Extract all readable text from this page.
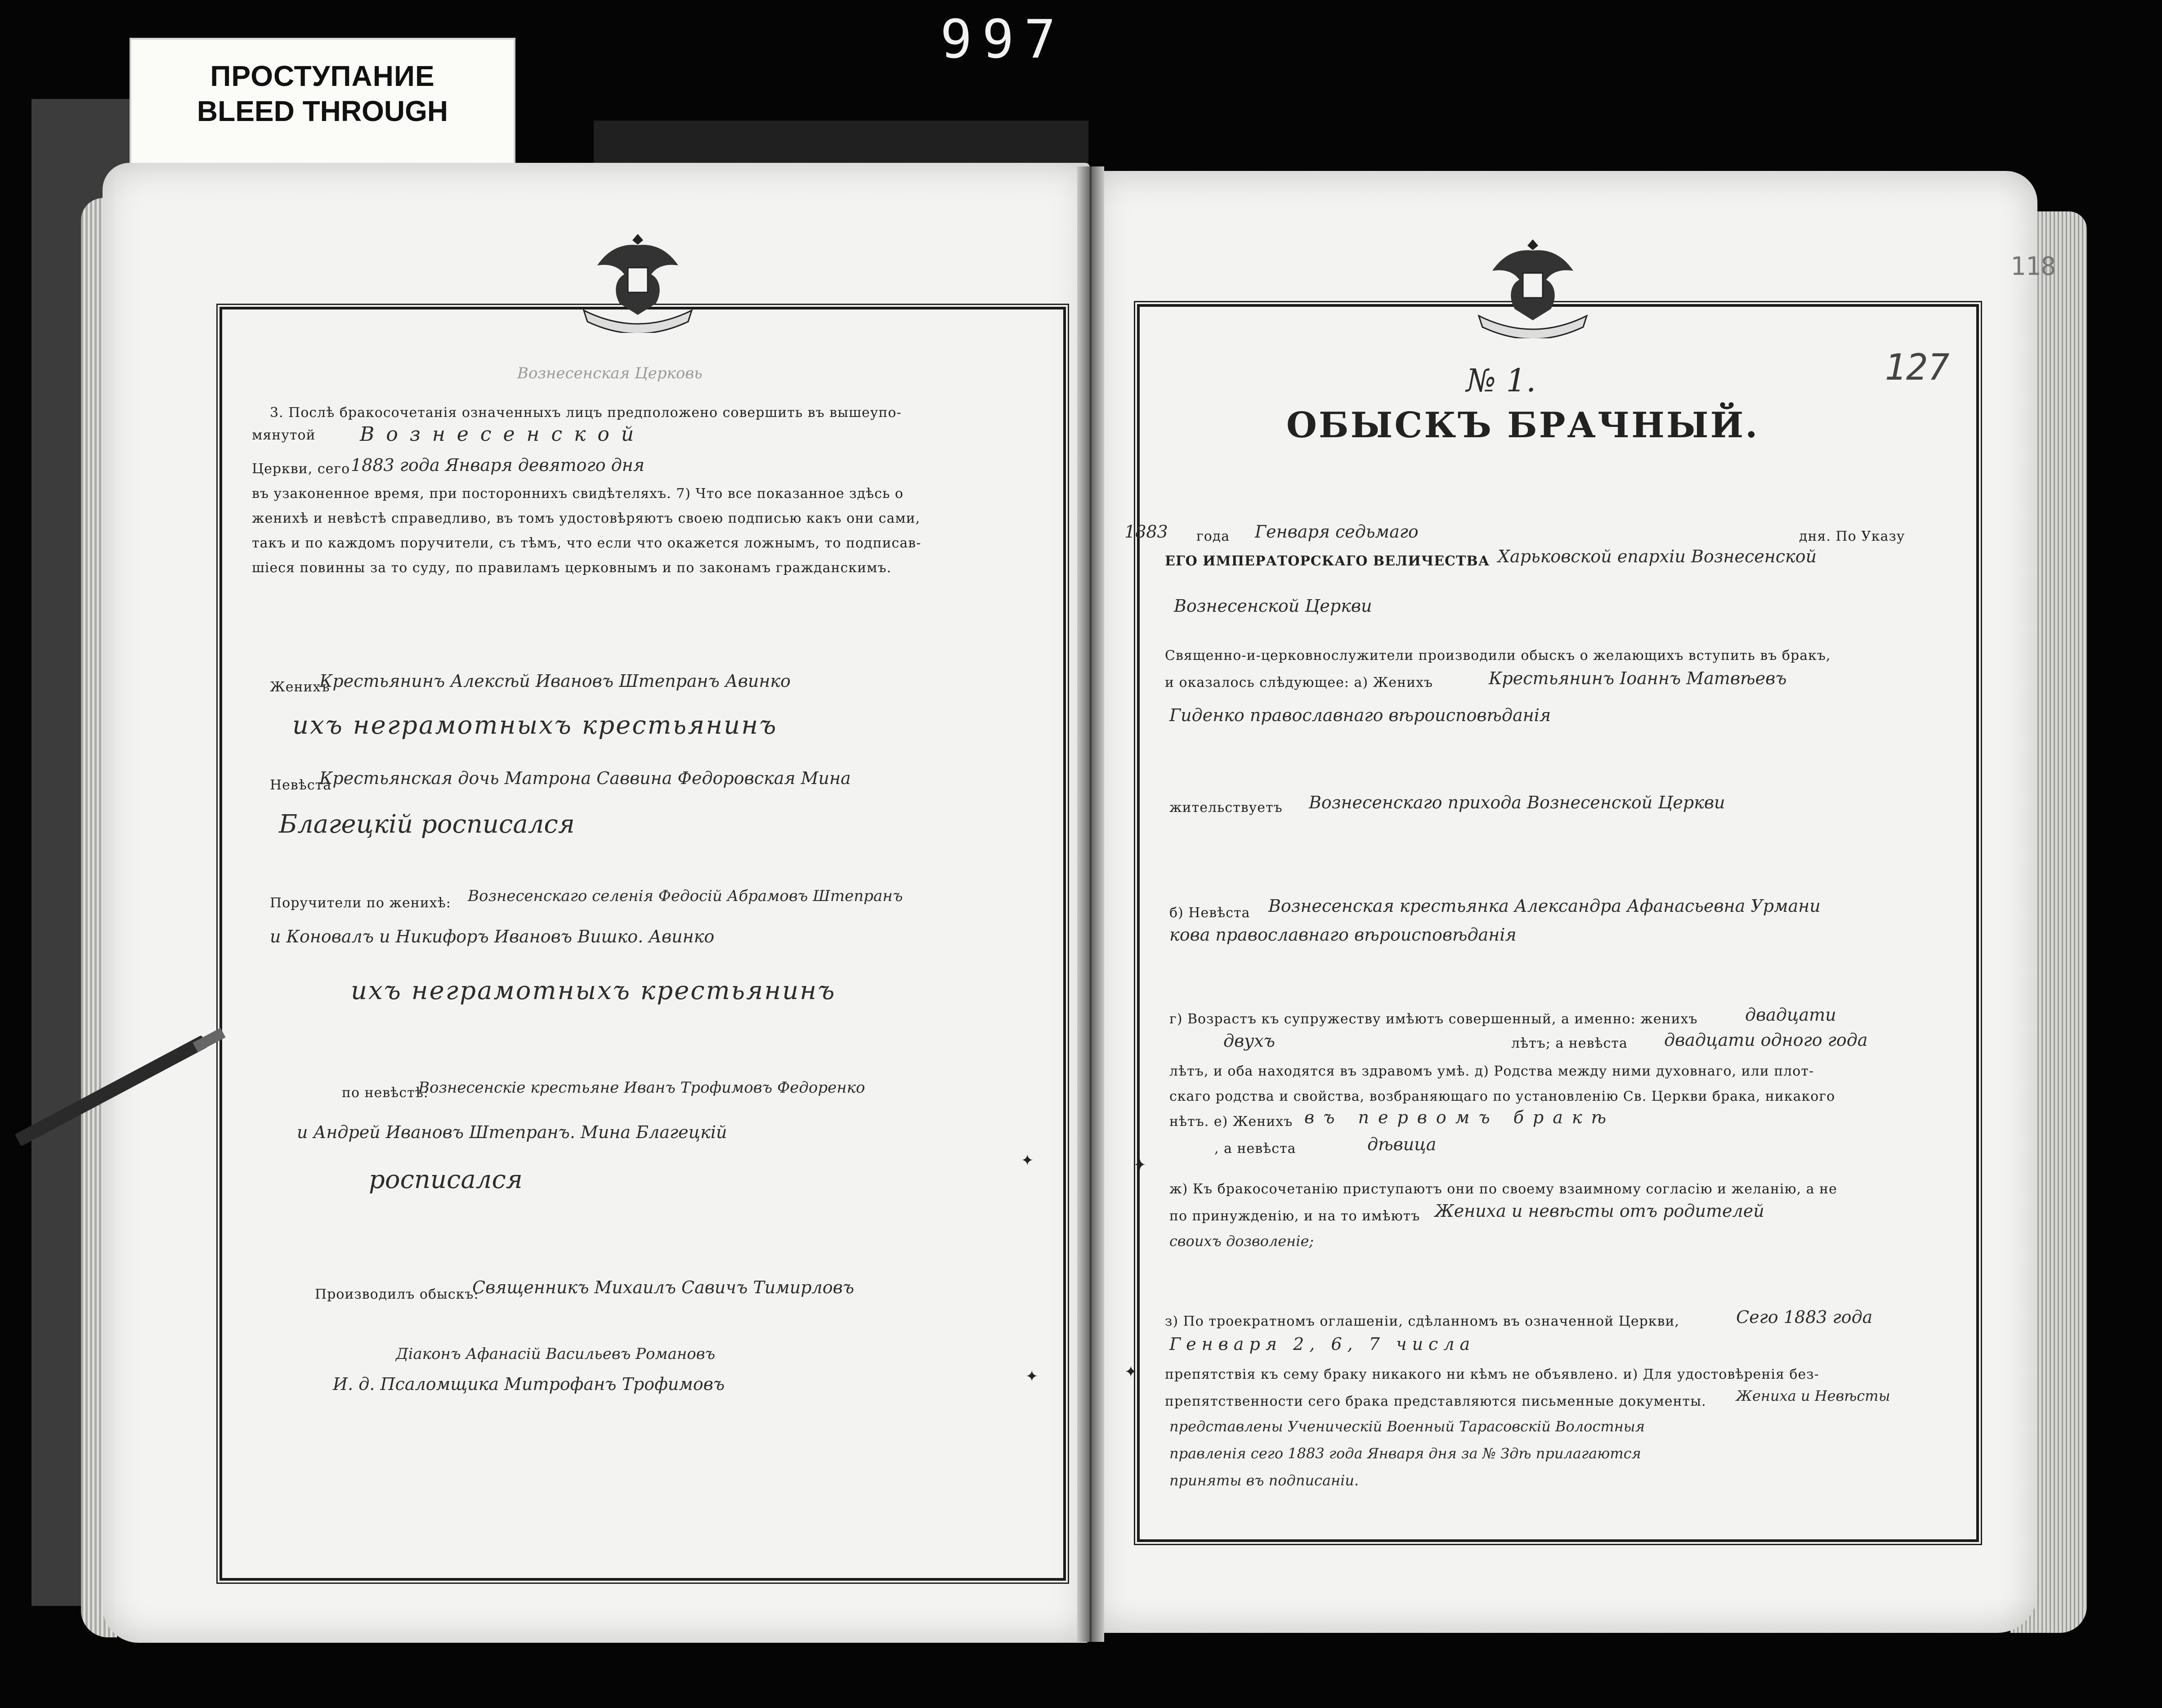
997
ПРОСТУПАНИЕ
BLEED THROUGH
Вознесенская Церковь
3. Послѣ бракосочетанія означенныхъ лицъ предположено совершить въ вышеупо-
мянутой Вознесенской
Церкви, сего 1883 года Января девятого дня
въ узаконенное время, при постороннихъ свидѣтеляхъ. 7) Что все показанное здѣсь о
женихѣ и невѣстѣ справедливо, въ томъ удостовѣряютъ своею подписью какъ они сами,
такъ и по каждомъ поручители, съ тѣмъ, что если что окажется ложнымъ, то подписав-
шіеся повинны за то суду, по правиламъ церковнымъ и по законамъ гражданскимъ.
Женихъ
Крестьянинъ Алексѣй Ивановъ Штепранъ Авинко
ихъ неграмотныхъ крестьянинъ
Невѣста
Крестьянская дочь Матрона Саввина Федоровская Мина
Благецкій росписался
Поручители по женихѣ: Вознесенскаго селенія Федосій Абрамовъ Штепранъ
и Коновалъ и Никифоръ Ивановъ Вишко. Авинко
ихъ неграмотныхъ крестьянинъ
по невѣстѣ:
Вознесенскіе крестьяне Иванъ Трофимовъ Федоренко
и Андрей Ивановъ Штепранъ. Мина Благецкій
росписался
Производилъ обыскъ:
Священникъ Михаилъ Савичъ Тимирловъ
Діаконъ Афанасій Васильевъ Романовъ
И. д. Псаломщика Митрофанъ Трофимовъ
№ 1.	127
118
ОБЫСКЪ БРАЧНЫЙ.
1883 года Генваря седьмаго	дня. По Указу
ЕГО ИМПЕРАТОРСКАГО ВЕЛИЧЕСТВА Харьковской епархіи Вознесенской
Вознесенской Церкви
Священно-и-церковнослужители производили обыскъ о желающихъ вступить въ бракъ,
и оказалось слѣдующее: а) Женихъ	Крестьянинъ Іоаннъ Матвѣевъ
Гиденко православнаго вѣроисповѣданія
жительствуетъ Вознесенскаго прихода Вознесенской Церкви
б) Невѣста Вознесенская крестьянка Александра Афанасьевна Урмани
кова православнаго вѣроисповѣданія
г) Возрастъ къ супружеству имѣютъ совершенный, а именно: женихъ	двадцати
двухъ	лѣтъ; а невѣста двадцати одного года
лѣтъ, и оба находятся въ здравомъ умѣ. д) Родства между ними духовнаго, или плот-
скаго родства и свойства, возбраняющаго по установленію Св. Церкви брака, никакого
нѣтъ. е) Женихъ въ первомъ бракѣ
, а невѣста	дѣвица
ж) Къ бракосочетанію приступаютъ они по своему взаимному согласію и желанію, а не
по принужденію, и на то имѣютъ Жениха и невѣсты отъ родителей
своихъ дозволеніе;
з) По троекратномъ оглашеніи, сдѣланномъ въ означенной Церкви,	Сего 1883 года
Генваря 2, 6, 7 числа
препятствія къ сему браку никакого ни кѣмъ не объявлено. и) Для удостовѣренія без-
препятственности сего брака представляются письменные документы. Жениха и Невѣсты
представлены Ученическій Военный Тарасовскій Волостныя
правленія сего 1883 года Января дня за № Здѣ прилагаются
приняты въ подписаніи.
✦	✦
✦	✦
